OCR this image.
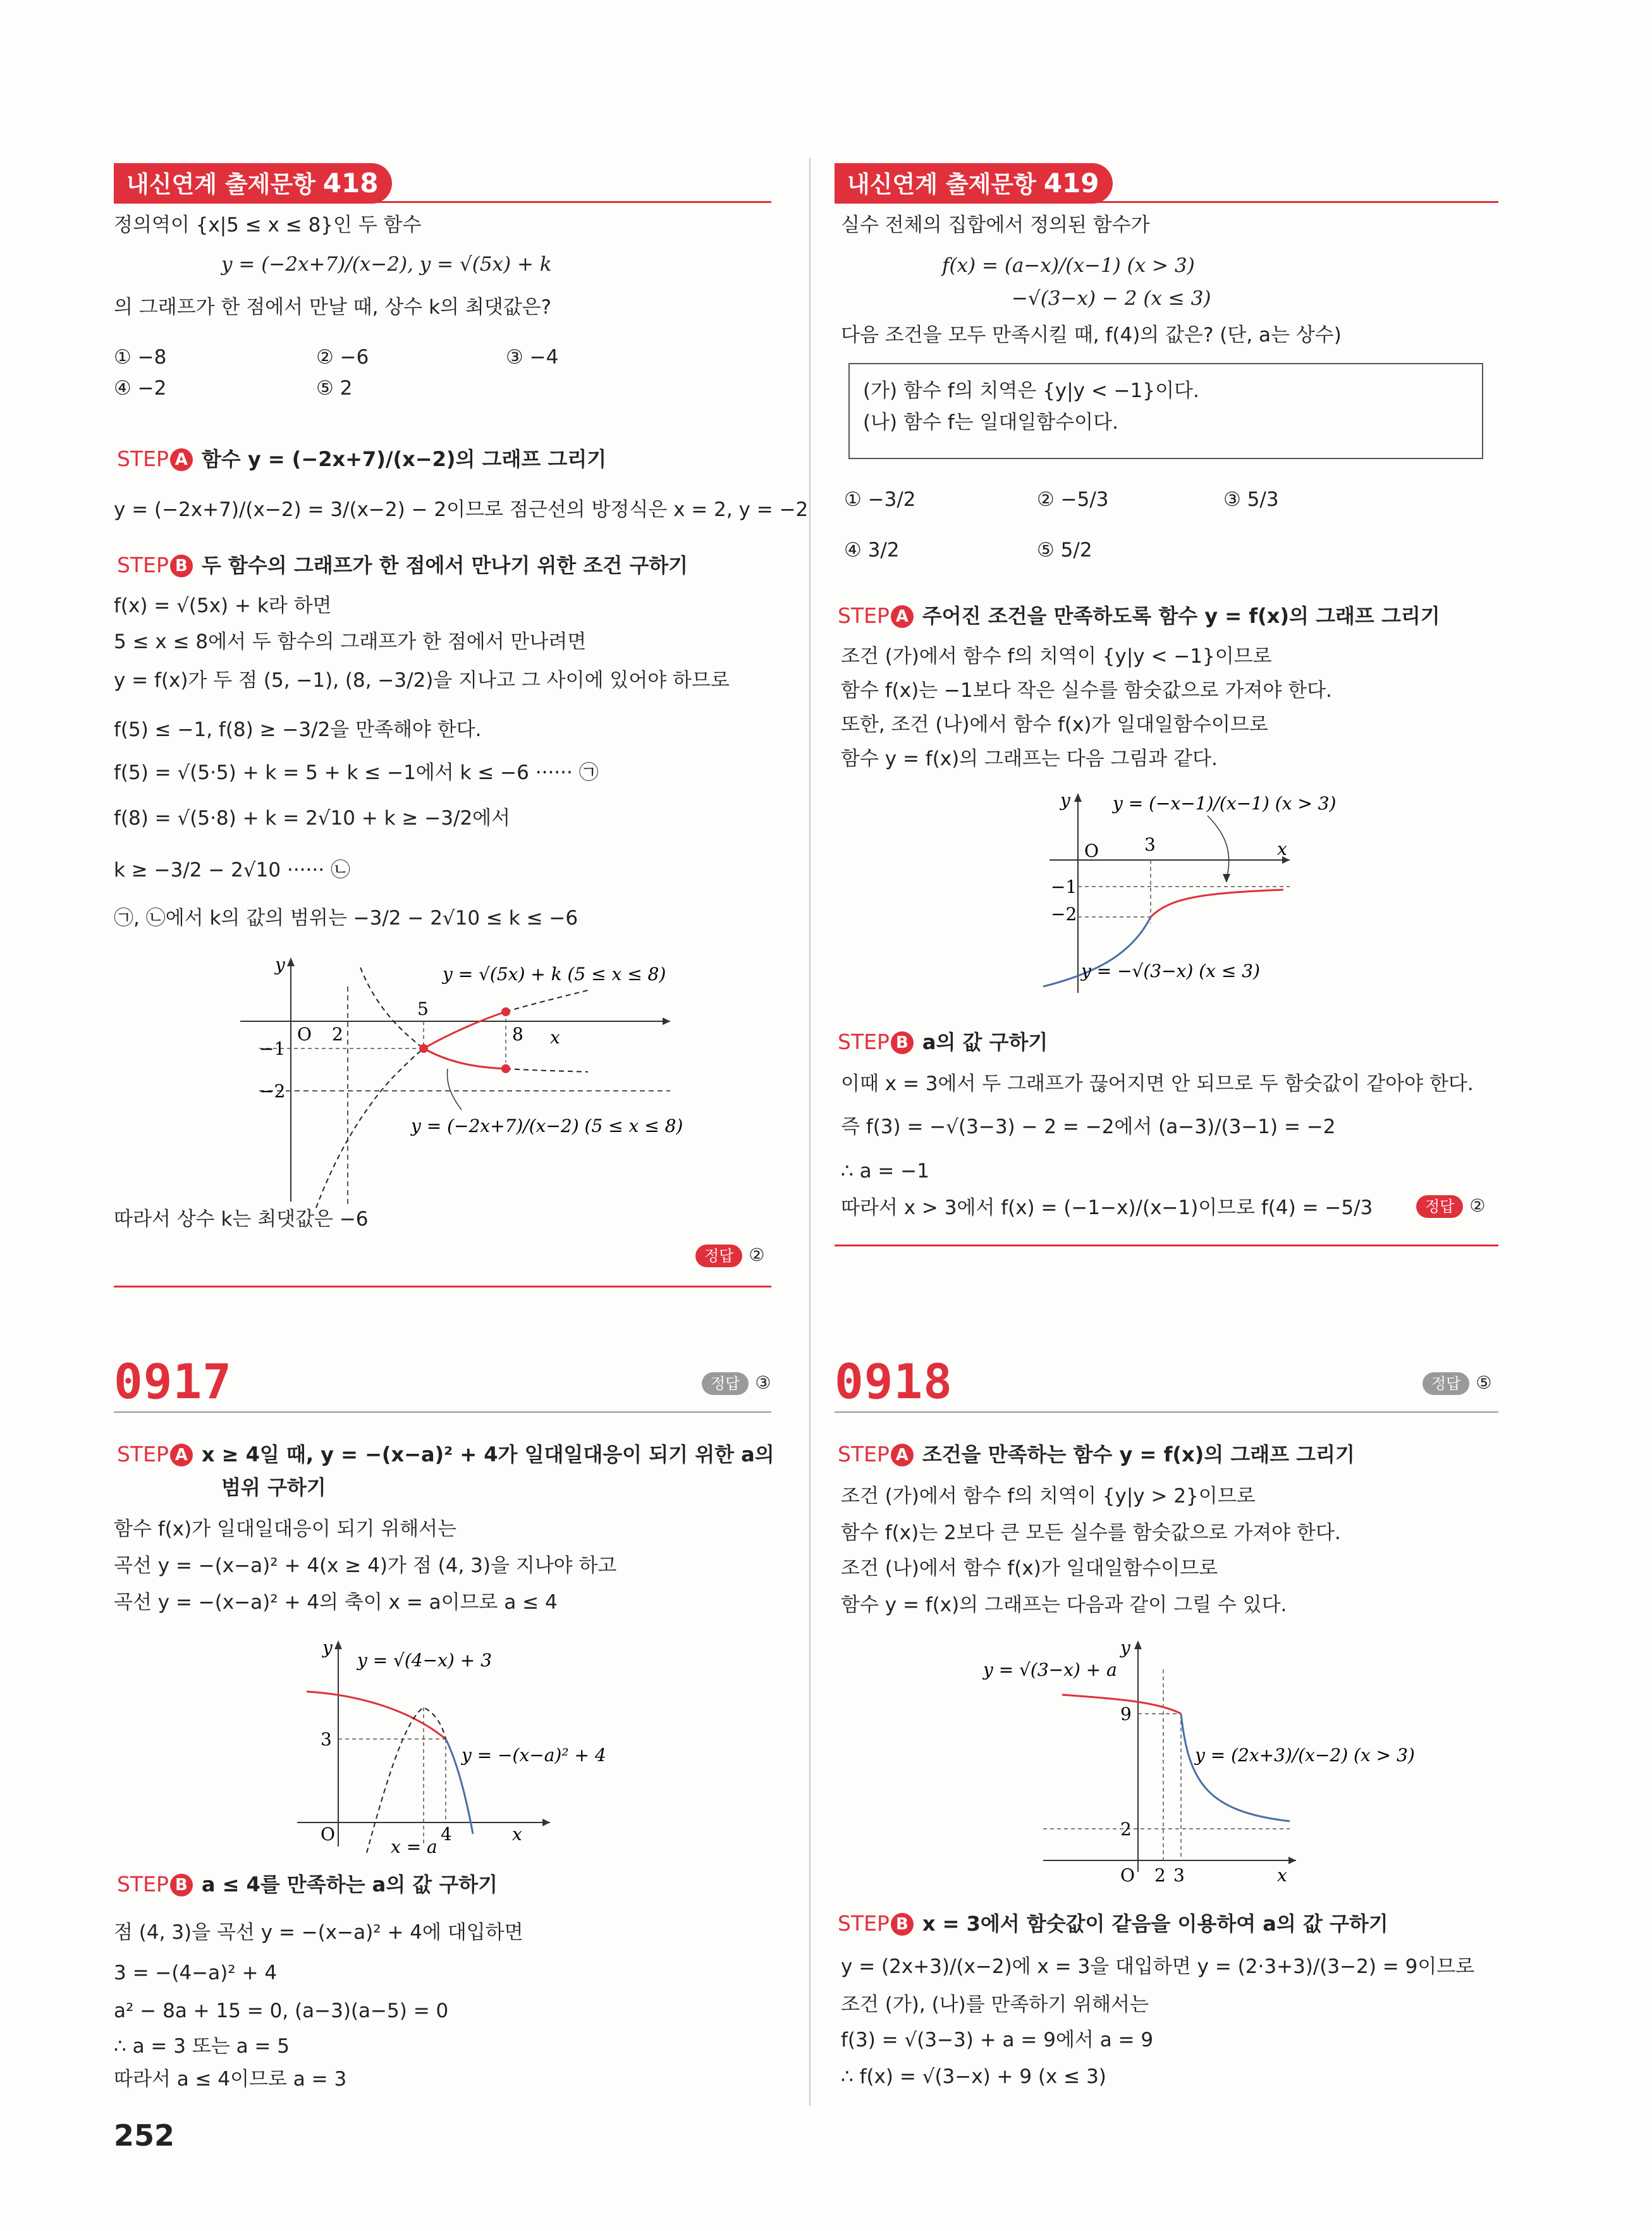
내신연계 출제문항 418
정의역이 {x|5 ≤ x ≤ 8}인 두 함수
y = (−2x+7)/(x−2), y = √(5x) + k
의 그래프가 한 점에서 만날 때, 상수 k의 최댓값은?
① −8	② −6	③ −4
④ −2	⑤ 2
STEP A 함수 y = (−2x+7)/(x−2)의 그래프 그리기
y = (−2x+7)/(x−2) = 3/(x−2) − 2이므로 점근선의 방정식은 x = 2, y = −2
STEP B 두 함수의 그래프가 한 점에서 만나기 위한 조건 구하기
f(x) = √(5x) + k라 하면
5 ≤ x ≤ 8에서 두 함수의 그래프가 한 점에서 만나려면
y = f(x)가 두 점 (5, −1), (8, −3/2)을 지나고 그 사이에 있어야 하므로
f(5) ≤ −1, f(8) ≥ −3/2을 만족해야 한다.
f(5) = √(5·5) + k = 5 + k ≤ −1에서 k ≤ −6 ······ ㉠
f(8) = √(5·8) + k = 2√10 + k ≥ −3/2에서
k ≥ −3/2 − 2√10 ······ ㉡
㉠, ㉡에서 k의 값의 범위는 −3/2 − 2√10 ≤ k ≤ −6
y
x
O 2
5
8
−1
−2
y = √(5x) + k (5 ≤ x ≤ 8)
y = (−2x+7)/(x−2) (5 ≤ x ≤ 8)
따라서 상수 k는 최댓값은 −6
정답 ②
0917	정답 ③
STEP A x ≥ 4일 때, y = −(x−a)² + 4가 일대일대응이 되기 위한 a의
범위 구하기
함수 f(x)가 일대일대응이 되기 위해서는
곡선 y = −(x−a)² + 4(x ≥ 4)가 점 (4, 3)을 지나야 하고
곡선 y = −(x−a)² + 4의 축이 x = a이므로 a ≤ 4
y
x
O
3
4
y = √(4−x) + 3
y = −(x−a)² + 4
x = a
STEP B a ≤ 4를 만족하는 a의 값 구하기
점 (4, 3)을 곡선 y = −(x−a)² + 4에 대입하면
3 = −(4−a)² + 4
a² − 8a + 15 = 0, (a−3)(a−5) = 0
∴ a = 3 또는 a = 5
따라서 a ≤ 4이므로 a = 3
252
내신연계 출제문항 419
실수 전체의 집합에서 정의된 함수가
f(x) = (a−x)/(x−1) (x > 3)
−√(3−x) − 2 (x ≤ 3)
다음 조건을 모두 만족시킬 때, f(4)의 값은? (단, a는 상수)
(가) 함수 f의 치역은 {y|y < −1}이다.
(나) 함수 f는 일대일함수이다.
① −3/2	② −5/3	③ 5/3
④ 3/2	⑤ 5/2
STEP A 주어진 조건을 만족하도록 함수 y = f(x)의 그래프 그리기
조건 (가)에서 함수 f의 치역이 {y|y < −1}이므로
함수 f(x)는 −1보다 작은 실수를 함숫값으로 가져야 한다.
또한, 조건 (나)에서 함수 f(x)가 일대일함수이므로
함수 y = f(x)의 그래프는 다음 그림과 같다.
y
x
O	3
−1
−2
y = (−x−1)/(x−1) (x > 3)
y = −√(3−x) (x ≤ 3)
STEP B a의 값 구하기
이때 x = 3에서 두 그래프가 끊어지면 안 되므로 두 함숫값이 같아야 한다.
즉 f(3) = −√(3−3) − 2 = −2에서 (a−3)/(3−1) = −2
∴ a = −1
따라서 x > 3에서 f(x) = (−1−x)/(x−1)이므로 f(4) = −5/3	정답 ②
0918	정답 ⑤
STEP A 조건을 만족하는 함수 y = f(x)의 그래프 그리기
조건 (가)에서 함수 f의 치역이 {y|y > 2}이므로
함수 f(x)는 2보다 큰 모든 실수를 함숫값으로 가져야 한다.
조건 (나)에서 함수 f(x)가 일대일함수이므로
함수 y = f(x)의 그래프는 다음과 같이 그릴 수 있다.
y
x
O 2 3
9
2
y = √(3−x) + a
y = (2x+3)/(x−2) (x > 3)
STEP B x = 3에서 함숫값이 같음을 이용하여 a의 값 구하기
y = (2x+3)/(x−2)에 x = 3을 대입하면 y = (2·3+3)/(3−2) = 9이므로
조건 (가), (나)를 만족하기 위해서는
f(3) = √(3−3) + a = 9에서 a = 9
∴ f(x) = √(3−x) + 9 (x ≤ 3)
